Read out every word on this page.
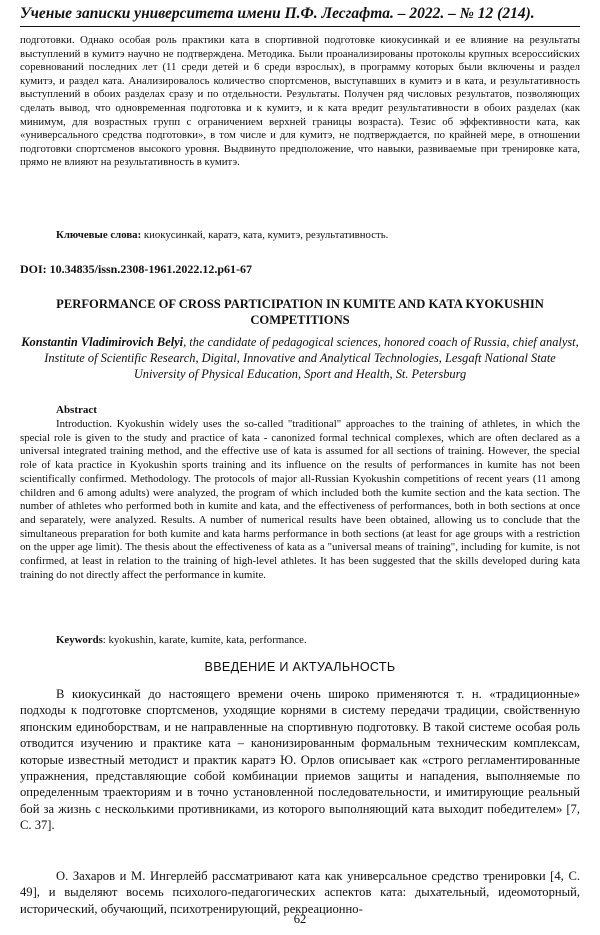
Ученые записки университета имени П.Ф. Лесгафта. – 2022. – № 12 (214).
подготовки. Однако особая роль практики ката в спортивной подготовке киокусинкай и ее влияние на результаты выступлений в кумитэ научно не подтверждена. Методика. Были проанализированы протоколы крупных всероссийских соревнований последних лет (11 среди детей и 6 среди взрослых), в программу которых были включены и раздел кумитэ, и раздел ката. Анализировалось количество спортсменов, выступавших в кумитэ и в ката, и результативность выступлений в обоих разделах сразу и по отдельности. Результаты. Получен ряд числовых результатов, позволяющих сделать вывод, что одновременная подготовка и к кумитэ, и к ката вредит результативности в обоих разделах (как минимум, для возрастных групп с ограничением верхней границы возраста). Тезис об эффективности ката, как «универсального средства подготовки», в том числе и для кумитэ, не подтверждается, по крайней мере, в отношении подготовки спортсменов высокого уровня. Выдвинуто предположение, что навыки, развиваемые при тренировке ката, прямо не влияют на результативность в кумитэ.
Ключевые слова: киокусинкай, каратэ, ката, кумитэ, результативность.
DOI: 10.34835/issn.2308-1961.2022.12.p61-67
PERFORMANCE OF CROSS PARTICIPATION IN KUMITE AND KATA KYOKUSHIN COMPETITIONS
Konstantin Vladimirovich Belyi, the candidate of pedagogical sciences, honored coach of Russia, chief analyst, Institute of Scientific Research, Digital, Innovative and Analytical Technologies, Lesgaft National State University of Physical Education, Sport and Health, St. Petersburg
Abstract
Introduction. Kyokushin widely uses the so-called "traditional" approaches to the training of athletes, in which the special role is given to the study and practice of kata - canonized formal technical complexes, which are often declared as a universal integrated training method, and the effective use of kata is assumed for all sections of training. However, the special role of kata practice in Kyokushin sports training and its influence on the results of performances in kumite has not been scientifically confirmed. Methodology. The protocols of major all-Russian Kyokushin competitions of recent years (11 among children and 6 among adults) were analyzed, the program of which included both the kumite section and the kata section. The number of athletes who performed both in kumite and kata, and the effectiveness of performances, both in both sections at once and separately, were analyzed. Results. A number of numerical results have been obtained, allowing us to conclude that the simultaneous preparation for both kumite and kata harms performance in both sections (at least for age groups with a restriction on the upper age limit). The thesis about the effectiveness of kata as a "universal means of training", including for kumite, is not confirmed, at least in relation to the training of high-level athletes. It has been suggested that the skills developed during kata training do not directly affect the performance in kumite.
Keywords: kyokushin, karate, kumite, kata, performance.
ВВЕДЕНИЕ И АКТУАЛЬНОСТЬ
В киокусинкай до настоящего времени очень широко применяются т. н. «традиционные» подходы к подготовке спортсменов, уходящие корнями в систему передачи традиции, свойственную японским единоборствам, и не направленные на спортивную подготовку. В такой системе особая роль отводится изучению и практике ката – канонизированным формальным техническим комплексам, которые известный методист и практик каратэ Ю. Орлов описывает как «строго регламентированные упражнения, представляющие собой комбинации приемов защиты и нападения, выполняемые по определенным траекториям и в точно установленной последовательности, и имитирующие реальный бой за жизнь с несколькими противниками, из которого выполняющий ката выходит победителем» [7, С. 37].
О. Захаров и М. Ингерлейб рассматривают ката как универсальное средство тренировки [4, С. 49], и выделяют восемь психолого-педагогических аспектов ката: дыхательный, идеомоторный, исторический, обучающий, психотренирующий, рекреационно-
62
